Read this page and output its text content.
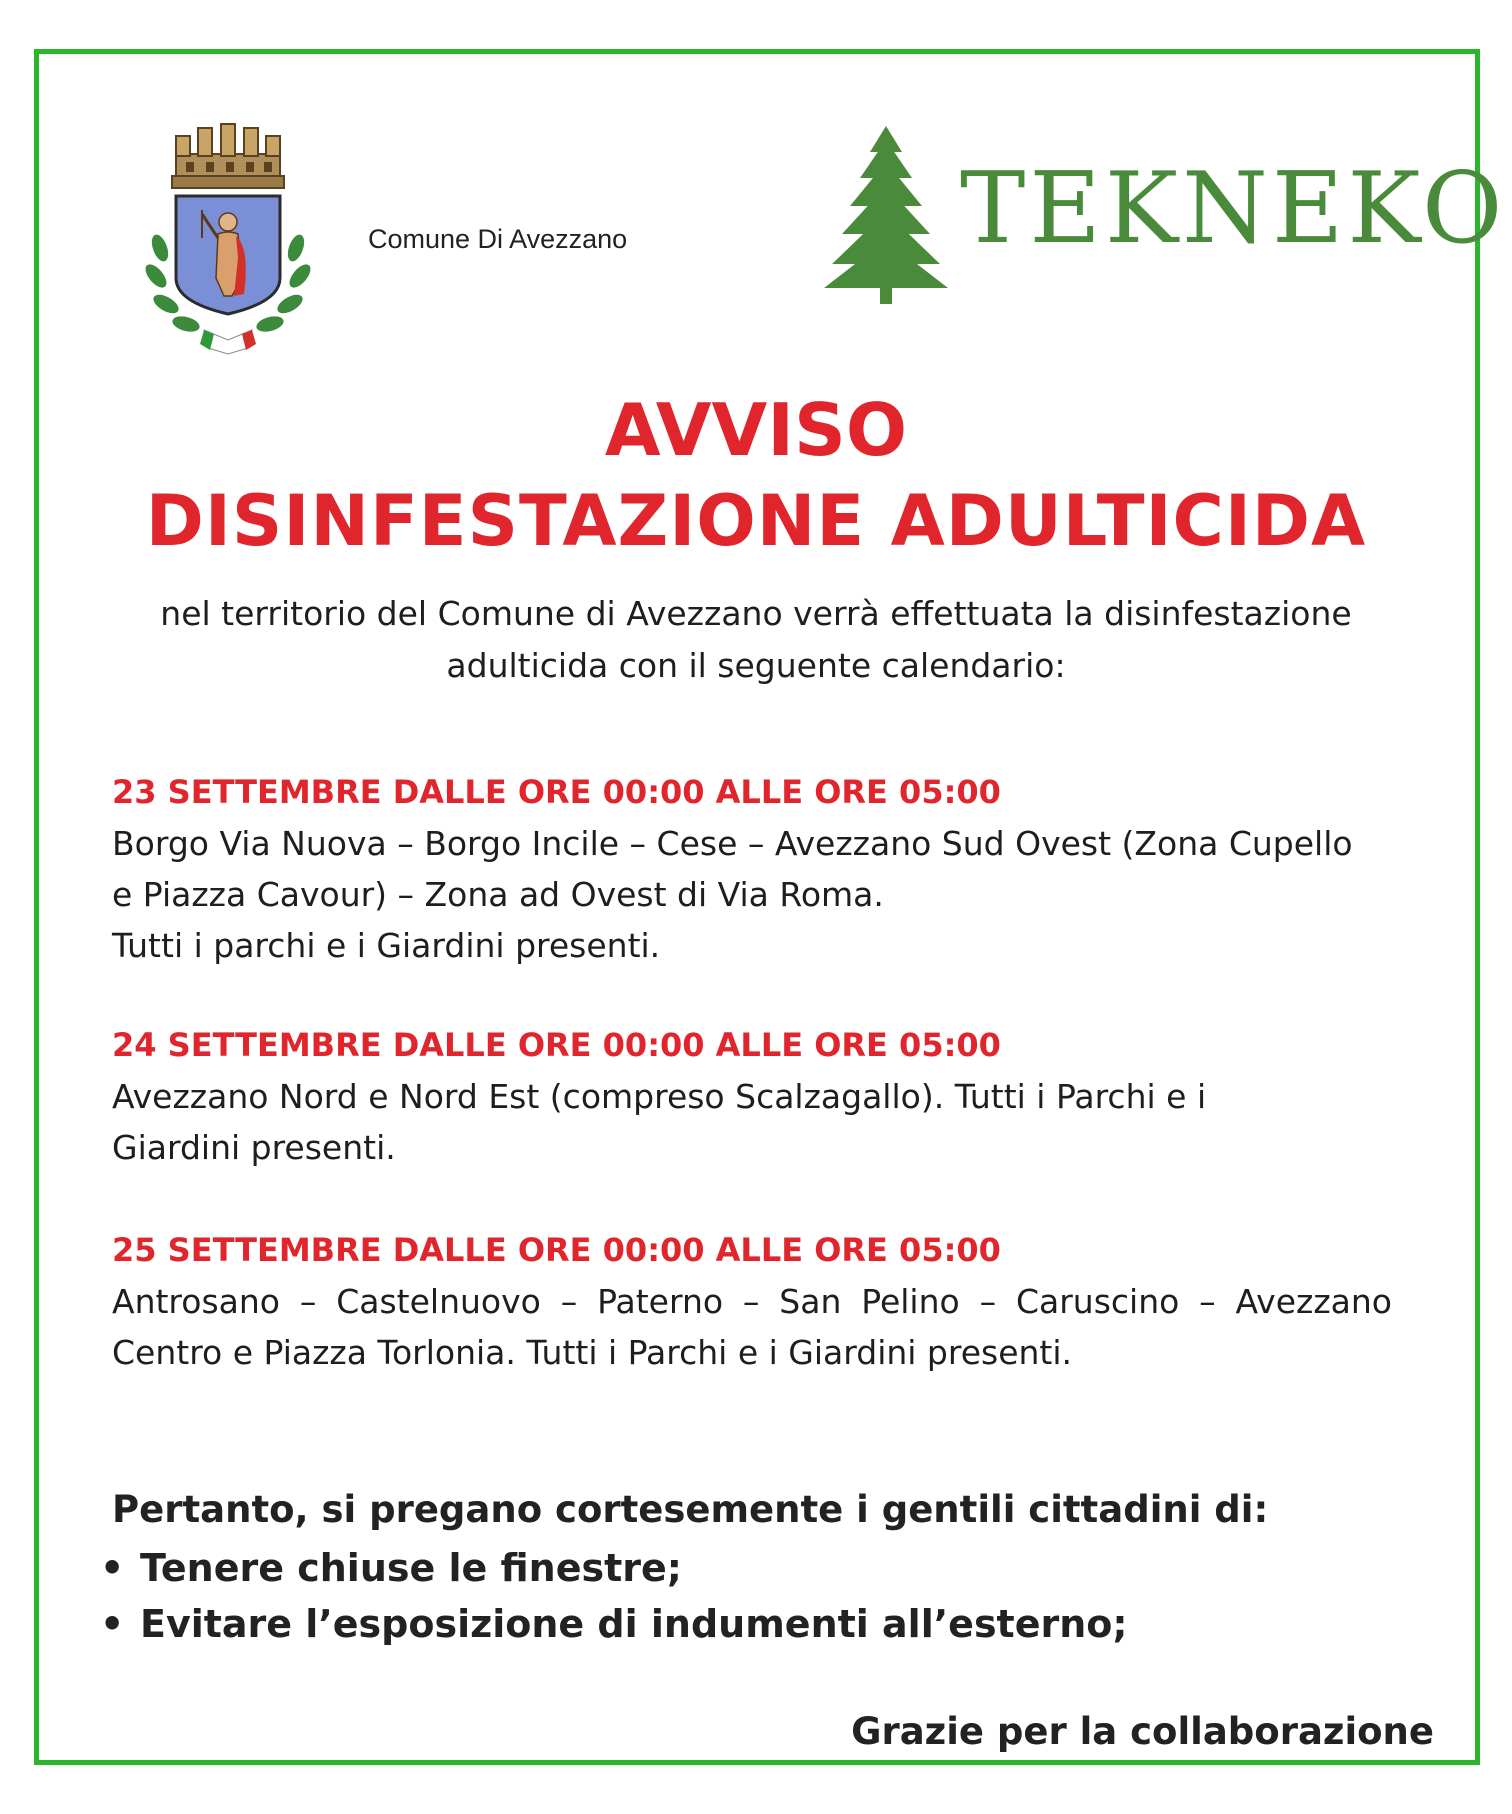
Comune Di Avezzano	TEKNEKO
AVVISO
DISINFESTAZIONE ADULTICIDA
nel territorio del Comune di Avezzano verrà effettuata la disinfestazione
adulticida con il seguente calendario:
23 SETTEMBRE DALLE ORE 00:00 ALLE ORE 05:00
Borgo Via Nuova – Borgo Incile – Cese – Avezzano Sud Ovest (Zona Cupello
e Piazza Cavour) – Zona ad Ovest di Via Roma.
Tutti i parchi e i Giardini presenti.
24 SETTEMBRE DALLE ORE 00:00 ALLE ORE 05:00
Avezzano Nord e Nord Est (compreso Scalzagallo). Tutti i Parchi e i
Giardini presenti.
25 SETTEMBRE DALLE ORE 00:00 ALLE ORE 05:00
Antrosano – Castelnuovo – Paterno – San Pelino – Caruscino – Avezzano
Centro e Piazza Torlonia. Tutti i Parchi e i Giardini presenti.
Pertanto, si pregano cortesemente i gentili cittadini di:
• Tenere chiuse le finestre;
• Evitare l’esposizione di indumenti all’esterno;
Grazie per la collaborazione
